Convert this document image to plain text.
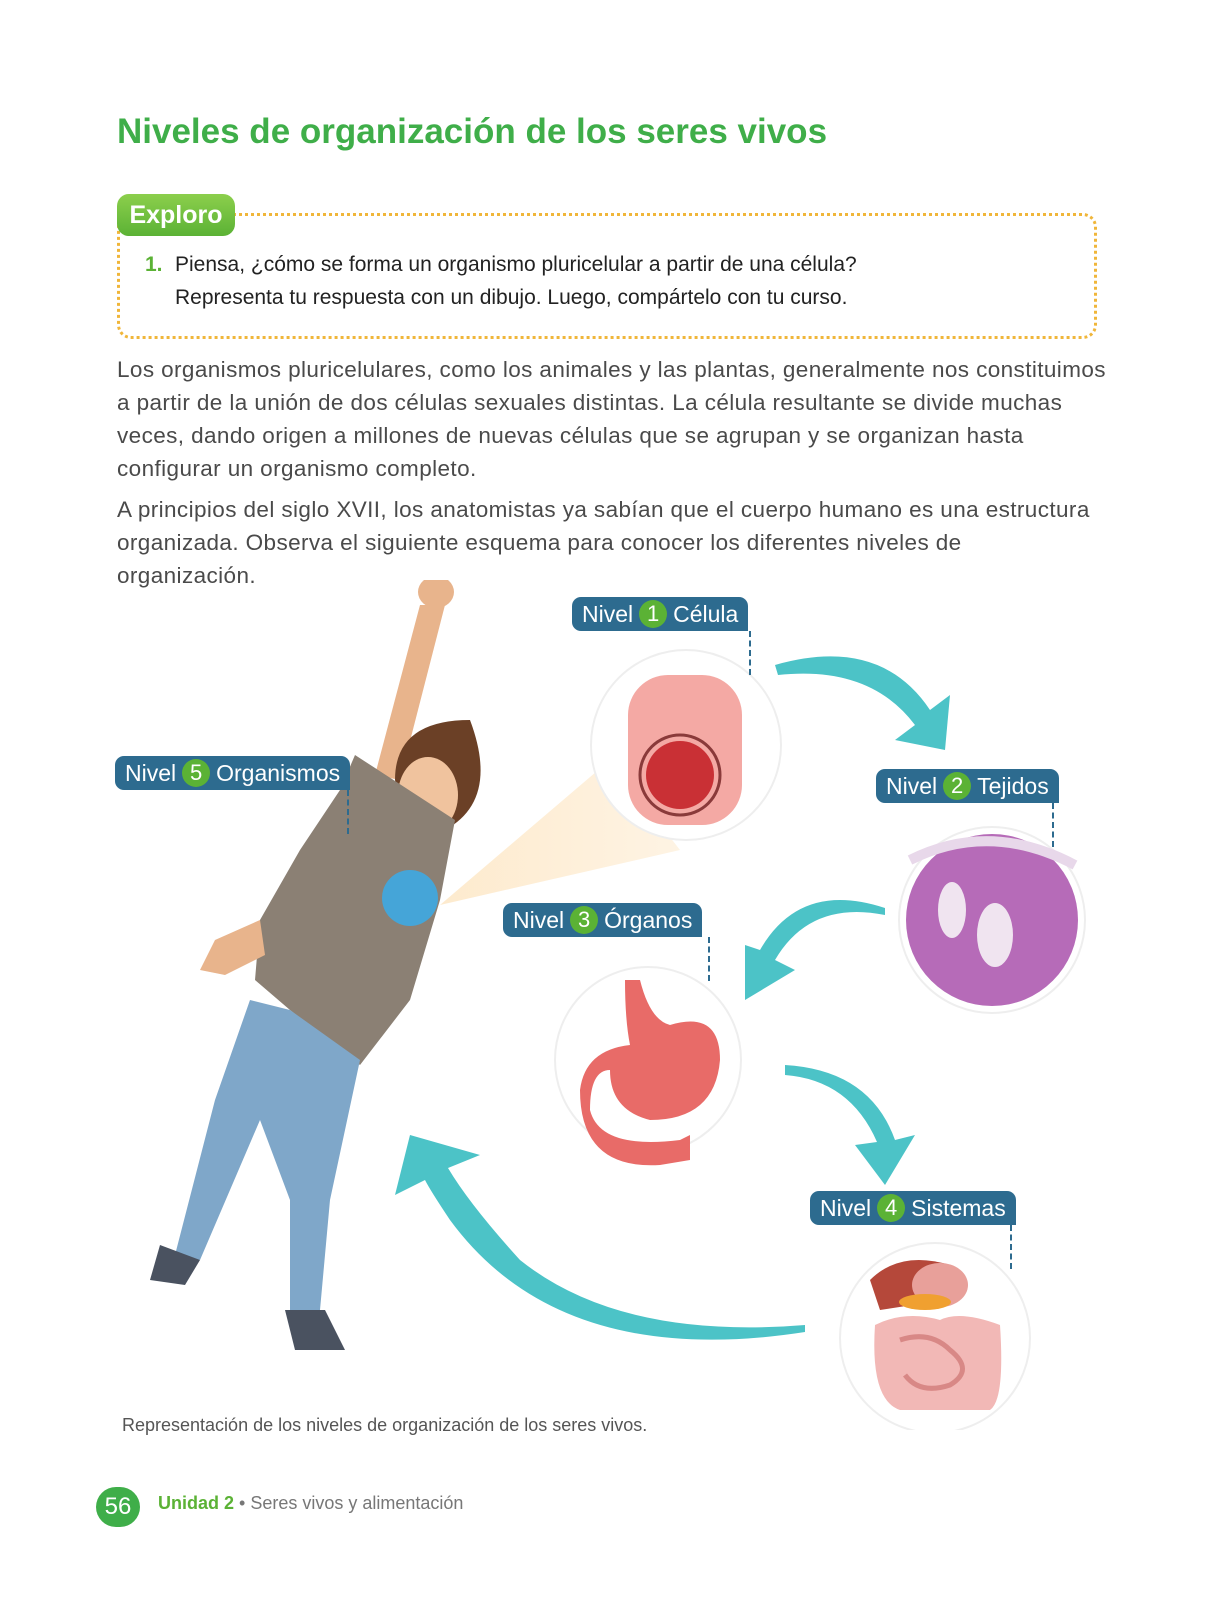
Niveles de organización de los seres vivos
Exploro
1. Piensa, ¿cómo se forma un organismo pluricelular a partir de una célula?
Representa tu respuesta con un dibujo. Luego, compártelo con tu curso.

Los organismos pluricelulares, como los animales y las plantas, generalmente nos constituimos a partir de la unión de dos células sexuales distintas. La célula resultante se divide muchas veces, dando origen a millones de nuevas células que se agrupan y se organizan hasta configurar un organismo completo.

A principios del siglo XVII, los anatomistas ya sabían que el cuerpo humano es una estructura organizada. Observa el siguiente esquema para conocer los diferentes niveles de organización.

Nivel 1 Célula
Nivel 2 Tejidos
Nivel 3 Órganos
Nivel 4 Sistemas
Nivel 5 Organismos
Representación de los niveles de organización de los seres vivos.
56	Unidad 2 • Seres vivos y alimentación
